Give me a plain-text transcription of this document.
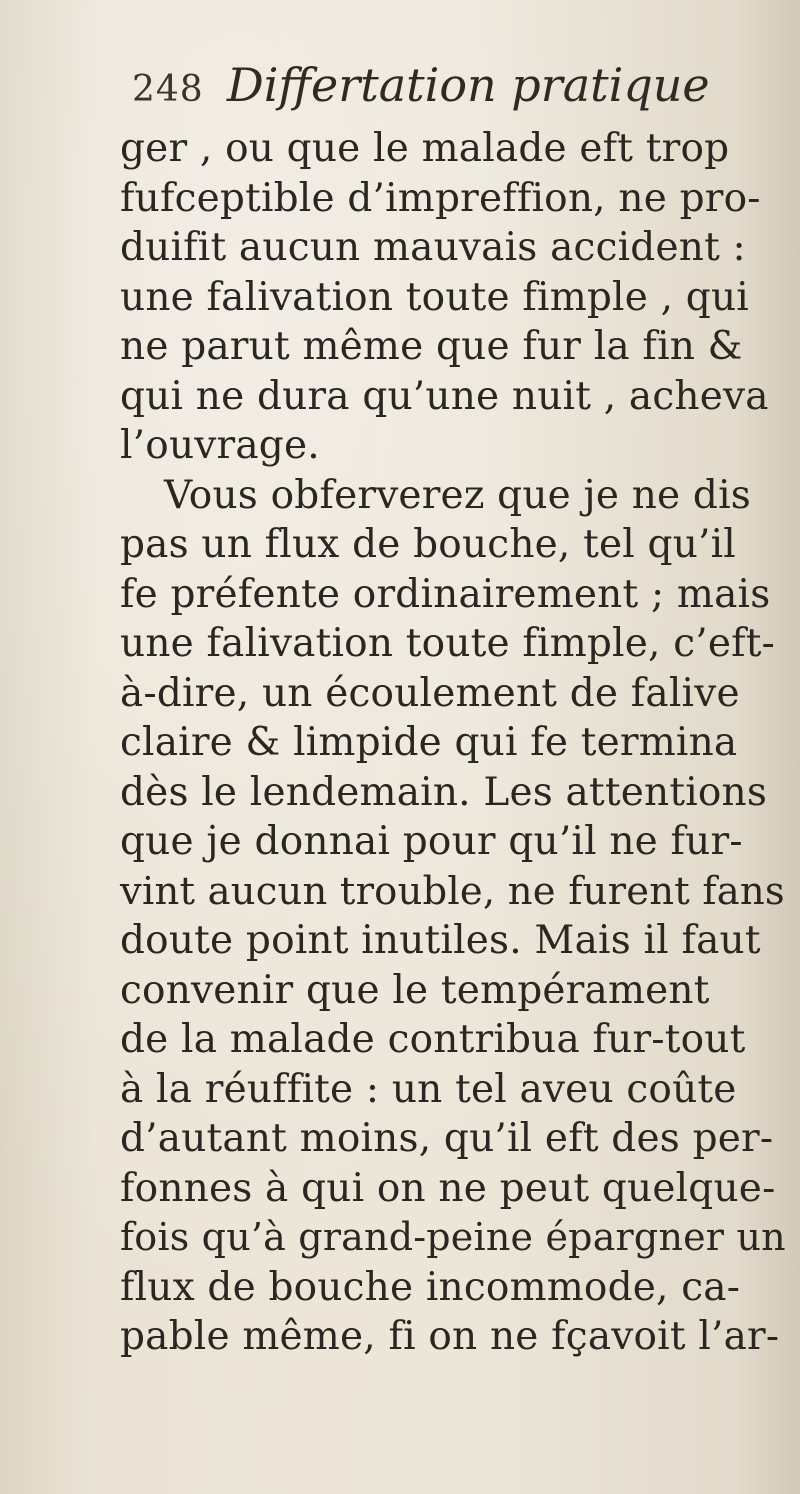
248 Differtation pratique
ger , ou que le malade eft trop
fufceptible d’impreffion, ne pro-
duifit aucun mauvais accident :
une falivation toute fimple , qui
ne parut même que fur la fin &
qui ne dura qu’une nuit , acheva
l’ouvrage.
Vous obferverez que je ne dis
pas un flux de bouche, tel qu’il
fe préfente ordinairement ; mais
une falivation toute fimple, c’eft-
à-dire, un écoulement de falive
claire & limpide qui fe termina
dès le lendemain. Les attentions
que je donnai pour qu’il ne fur-
vint aucun trouble, ne furent fans
doute point inutiles. Mais il faut
convenir que le tempérament
de la malade contribua fur-tout
à la réuffite : un tel aveu coûte
d’autant moins, qu’il eft des per-
fonnes à qui on ne peut quelque-
fois qu’à grand-peine épargner un
flux de bouche incommode, ca-
pable même, fi on ne fçavoit l’ar-
